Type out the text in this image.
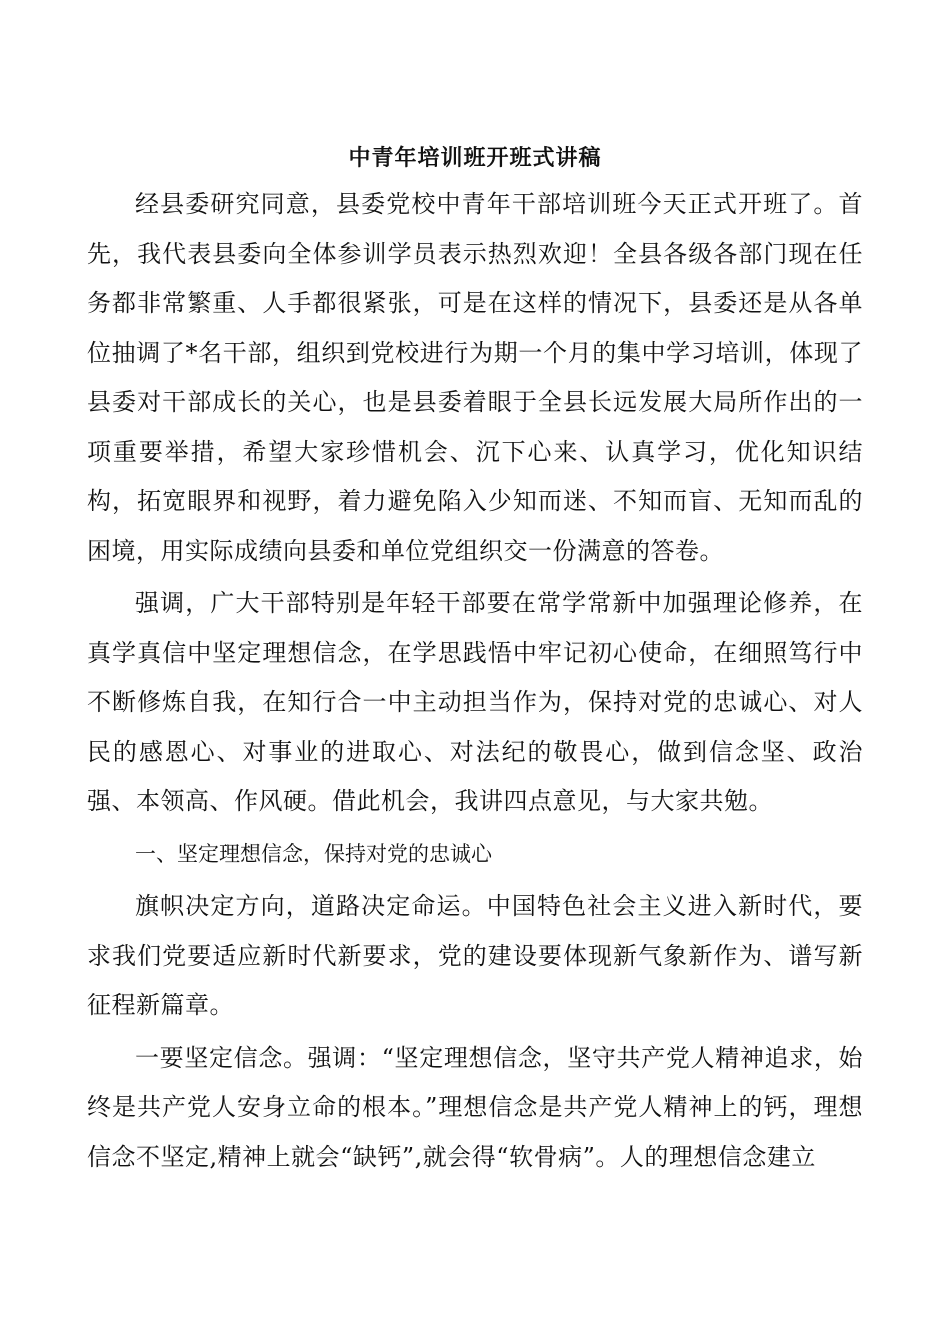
中青年培训班开班式讲稿

经县委研究同意，县委党校中青年干部培训班今天正式开班了。首先，我代表县委向全体参训学员表示热烈欢迎！全县各级各部门现在任务都非常繁重、人手都很紧张，可是在这样的情况下，县委还是从各单位抽调了*名干部，组织到党校进行为期一个月的集中学习培训，体现了县委对干部成长的关心，也是县委着眼于全县长远发展大局所作出的一项重要举措，希望大家珍惜机会、沉下心来、认真学习，优化知识结构，拓宽眼界和视野，着力避免陷入少知而迷、不知而盲、无知而乱的困境，用实际成绩向县委和单位党组织交一份满意的答卷。

强调，广大干部特别是年轻干部要在常学常新中加强理论修养，在真学真信中坚定理想信念，在学思践悟中牢记初心使命，在细照笃行中不断修炼自我，在知行合一中主动担当作为，保持对党的忠诚心、对人民的感恩心、对事业的进取心、对法纪的敬畏心，做到信念坚、政治强、本领高、作风硬。借此机会，我讲四点意见，与大家共勉。

一、坚定理想信念，保持对党的忠诚心

旗帜决定方向，道路决定命运。中国特色社会主义进入新时代，要求我们党要适应新时代新要求，党的建设要体现新气象新作为、谱写新征程新篇章。

一要坚定信念。强调：“坚定理想信念，坚守共产党人精神追求，始终是共产党人安身立命的根本。”理想信念是共产党人精神上的钙，理想信念不坚定,精神上就会“缺钙”,就会得“软骨病”。人的理想信念建立
